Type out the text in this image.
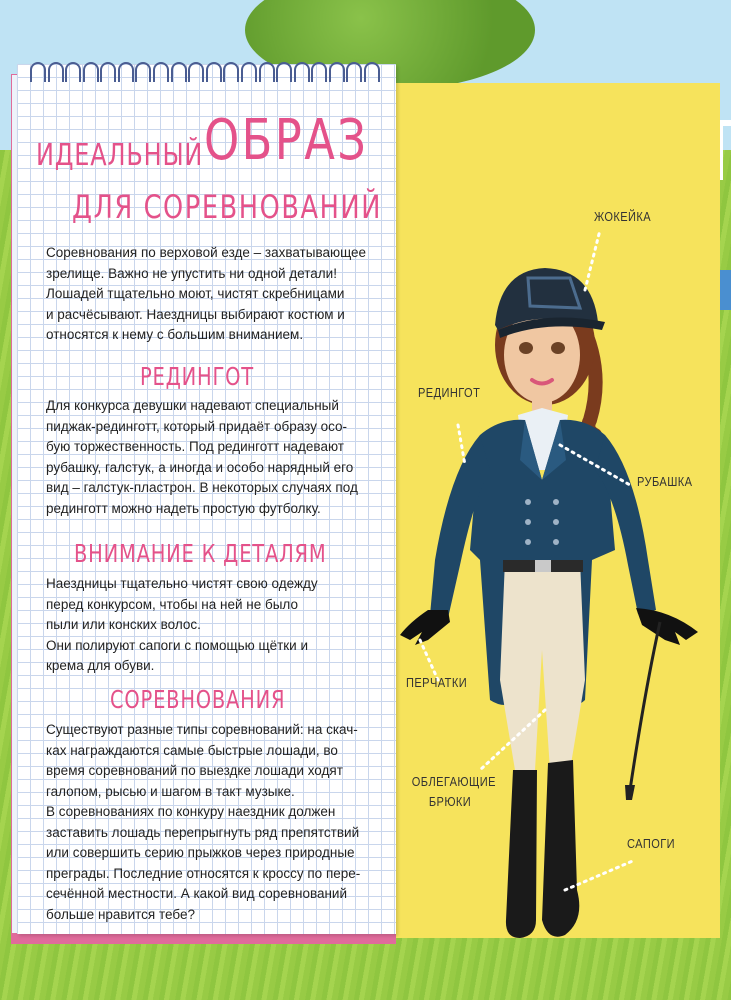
ИДЕАЛЬНЫЙ ОБРАЗ
ДЛЯ СОРЕВНОВАНИЙ
Соревнования по верховой езде – захватывающее
зрелище. Важно не упустить ни одной детали!
Лошадей тщательно моют, чистят скребницами
и расчёсывают. Наездницы выбирают костюм и
относятся к нему с большим вниманием.
РЕДИНГОТ
Для конкурса девушки надевают специальный
пиджак-рединготт, который придаёт образу осо-
бую торжественность. Под рединготт надевают
рубашку, галстук, а иногда и особо нарядный его
вид – галстук-пластрон. В некоторых случаях под
рединготт можно надеть простую футболку.
ВНИМАНИЕ К ДЕТАЛЯМ
Наездницы тщательно чистят свою одежду
перед конкурсом, чтобы на ней не было
пыли или конских волос.
Они полируют сапоги с помощью щётки и
крема для обуви.
СОРЕВНОВАНИЯ
Существуют разные типы соревнований: на скач-
ках награждаются самые быстрые лошади, во
время соревнований по выездке лошади ходят
галопом, рысью и шагом в такт музыке.
В соревнованиях по конкуру наездник должен
заставить лошадь перепрыгнуть ряд препятствий
или совершить серию прыжков через природные
преграды. Последние относятся к кроссу по пере-
сечённой местности. А какой вид соревнований
больше нравится тебе?
ЖОКЕЙКА
РЕДИНГОТ
РУБАШКА
ПЕРЧАТКИ
ОБЛЕГАЮЩИЕ
БРЮКИ
САПОГИ
